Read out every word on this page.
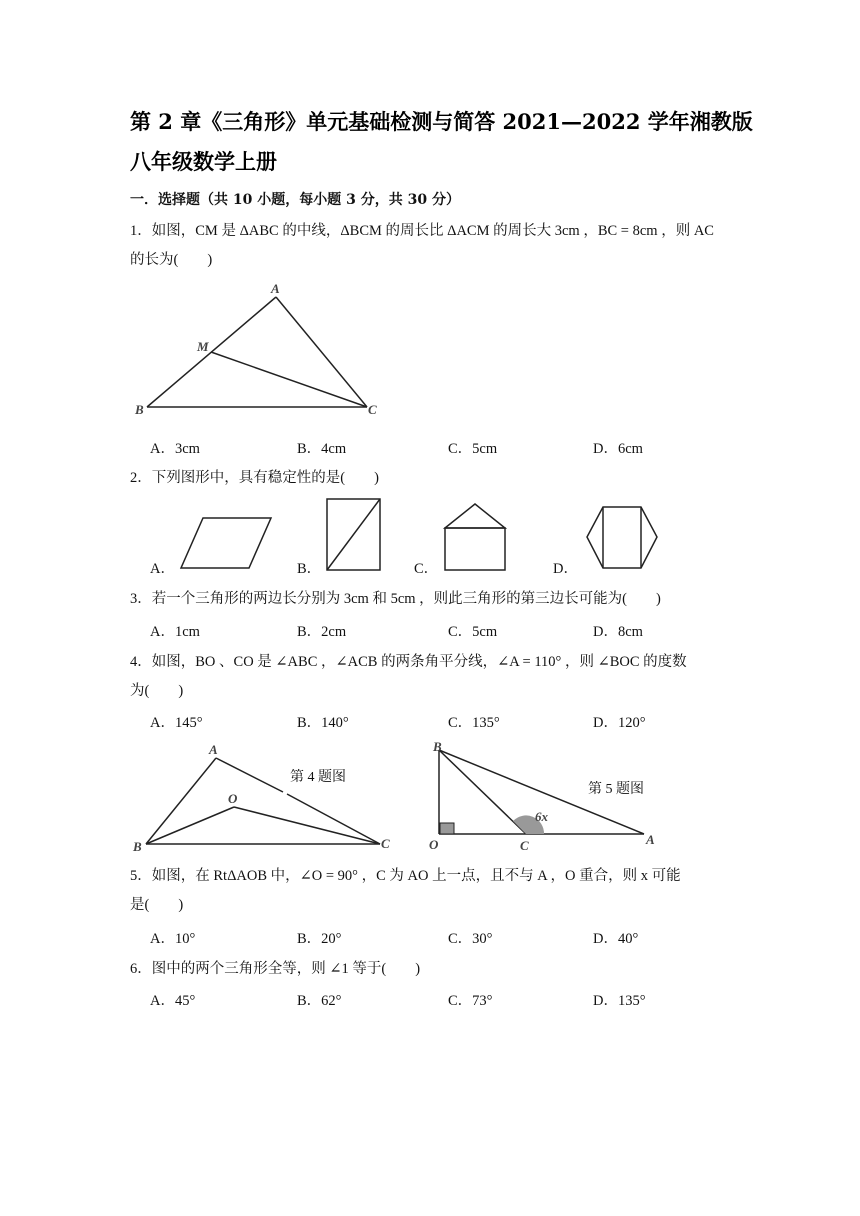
第 2 章《三角形》单元基础检测与简答 2021—2022 学年湘教版
八年级数学上册
一．选择题（共 10 小题，每小题 3 分，共 30 分）
1．如图，CM 是 ΔABC 的中线，ΔBCM 的周长比 ΔACM 的周长大 3cm ，BC = 8cm ，则 AC
的长为(　　)
A
M
B	C
A．3cm	B．4cm	C．5cm	D．6cm
2．下列图形中，具有稳定性的是(　　)
A．	B．	C．	D．
3．若一个三角形的两边长分别为 3cm 和 5cm ，则此三角形的第三边长可能为(　　)
A．1cm	B．2cm	C．5cm	D．8cm
4．如图，BO 、CO 是 ∠ABC ，∠ACB 的两条角平分线，∠A = 110° ，则 ∠BOC 的度数
为(　　)
A．145°	B．140°	C．135°	D．120°
A
O
B	C
第 4 题图
B
O	C	A
6x
第 5 题图
5．如图，在 RtΔAOB 中，∠O = 90° ，C 为 AO 上一点，且不与 A ，O 重合，则 x 可能
是(　　)
A．10°	B．20°	C．30°	D．40°
6．图中的两个三角形全等，则 ∠1 等于(　　)
A．45°	B．62°	C．73°	D．135°
